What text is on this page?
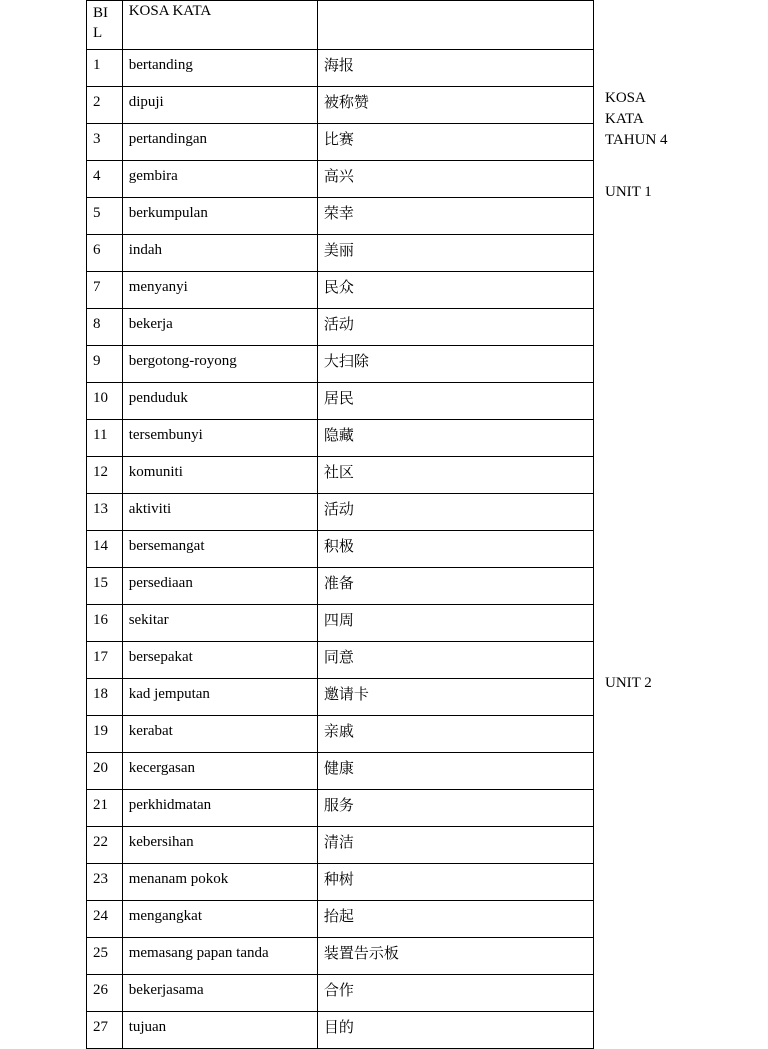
BIL	KOSA KATA	
1	bertanding	海报
2	dipuji	被称赞
3	pertandingan	比赛
4	gembira	高兴
5	berkumpulan	荣幸
6	indah	美丽
7	menyanyi	民众
8	bekerja	活动
9	bergotong-royong	大扫除
10	penduduk	居民
11	tersembunyi	隐藏
12	komuniti	社区
13	aktiviti	活动
14	bersemangat	积极
15	persediaan	准备
16	sekitar	四周
17	bersepakat	同意
18	kad jemputan	邀请卡
19	kerabat	亲戚
20	kecergasan	健康
21	perkhidmatan	服务
22	kebersihan	清洁
23	menanam pokok	种树
24	mengangkat	抬起
25	memasang papan tanda	装置告示板
26	bekerjasama	合作
27	tujuan	目的
KOSA KATA TAHUN 4
UNIT 1
UNIT 2
